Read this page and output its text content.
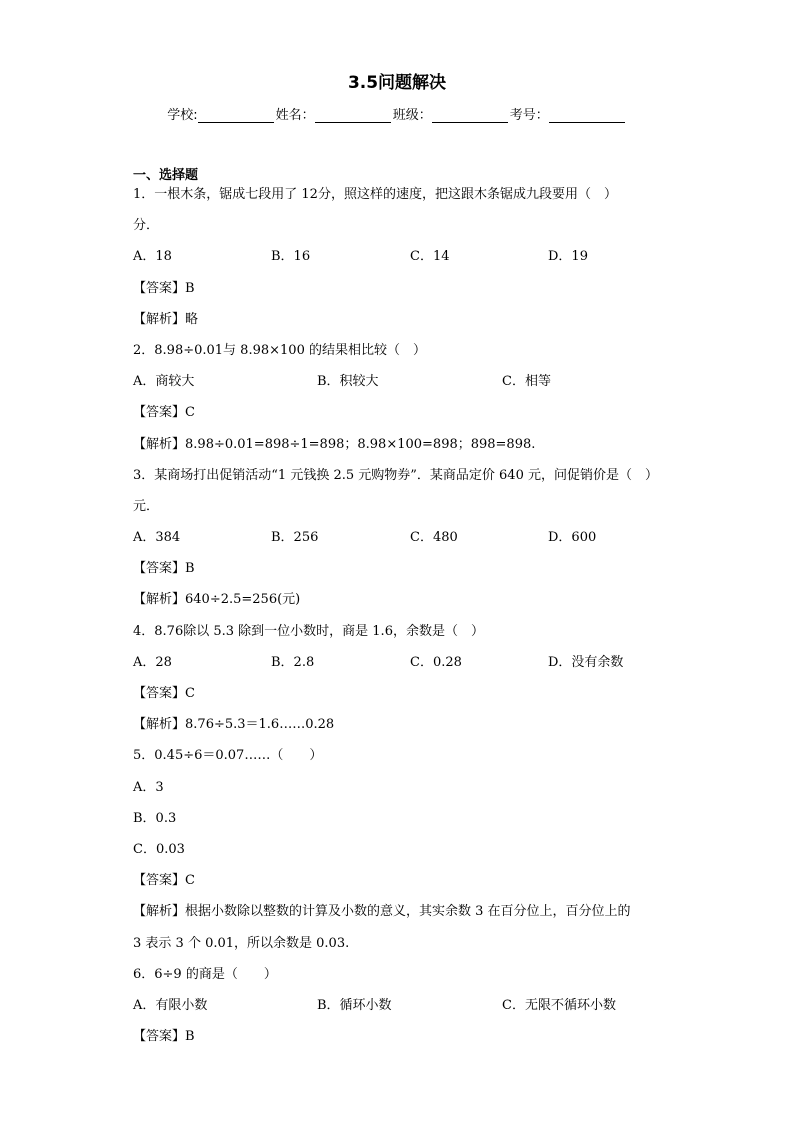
3.5问题解决
学校:	姓名：	班级：	考号：
一、选择题
1．一根木条，锯成七段用了 12分，照这样的速度，把这跟木条锯成九段要用（　）
分．
A．18	B．16	C．14	D．19
【答案】B
【解析】略
2．8.98÷0.01与 8.98×100 的结果相比较（　）
A．商较大	B．积较大	C．相等
【答案】C
【解析】8.98÷0.01=898÷1=898；8.98×100=898；898=898.
3．某商场打出促销活动“1 元钱换 2.5 元购物券”．某商品定价 640 元，问促销价是（　）
元．
A．384	B．256	C．480	D．600
【答案】B
【解析】640÷2.5=256(元)
4．8.76除以 5.3 除到一位小数时，商是 1.6，余数是（　）
A．28	B．2.8	C．0.28	D．没有余数
【答案】C
【解析】8.76÷5.3＝1.6……0.28
5．0.45÷6＝0.07……（　　）
A．3
B．0.3
C．0.03
【答案】C
【解析】根据小数除以整数的计算及小数的意义，其实余数 3 在百分位上，百分位上的
3 表示 3 个 0.01，所以余数是 0.03.
6．6÷9 的商是（　　）
A．有限小数	B．循环小数	C．无限不循环小数
【答案】B
